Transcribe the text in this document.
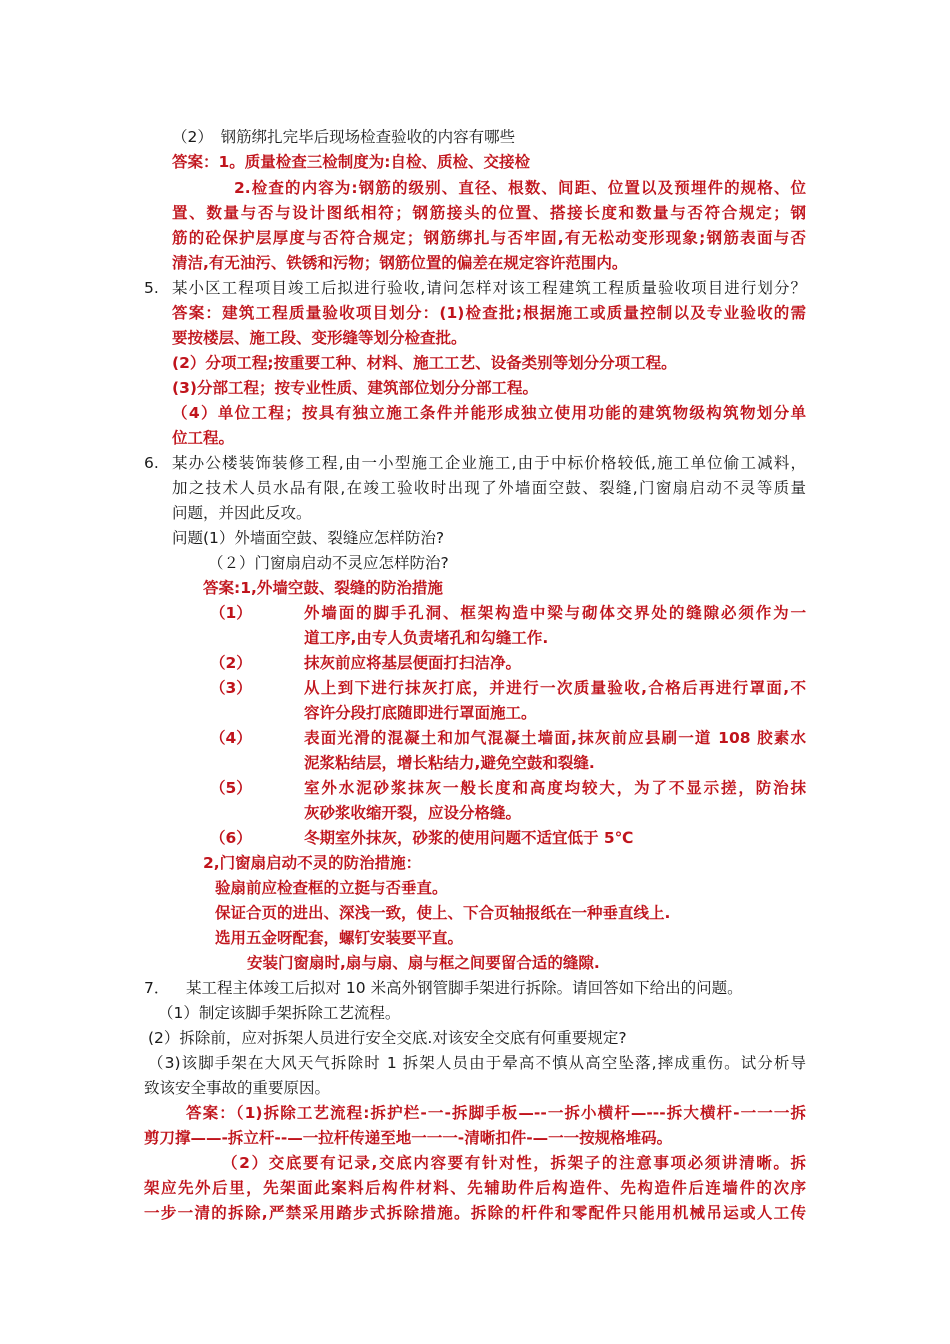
（2）　钢筋绑扎完毕后现场检查验收的内容有哪些
答案：1。质量检查三检制度为:自检、质检、交接检
2.检查的内容为:钢筋的级别、直径、根数、间距、位置以及预埋件的规格、位
置、数量与否与设计图纸相符；钢筋接头的位置、搭接长度和数量与否符合规定；钢
筋的砼保护层厚度与否符合规定；钢筋绑扎与否牢固,有无松动变形现象;钢筋表面与否
清洁,有无油污、铁锈和污物；钢筋位置的偏差在规定容许范围内。
5. 某小区工程项目竣工后拟进行验收,请问怎样对该工程建筑工程质量验收项目进行划分？
答案：建筑工程质量验收项目划分：(1)检查批;根据施工或质量控制以及专业验收的需
要按楼层、施工段、变形缝等划分检查批。
(2）分项工程;按重要工种、材料、施工工艺、设备类别等划分分项工程。
(3)分部工程；按专业性质、建筑部位划分分部工程。
（4）单位工程；按具有独立施工条件并能形成独立使用功能的建筑物级构筑物划分单
位工程。
6. 某办公楼装饰装修工程,由一小型施工企业施工,由于中标价格较低,施工单位偷工减料，
加之技术人员水品有限,在竣工验收时出现了外墙面空鼓、裂缝,门窗扇启动不灵等质量
问题，并因此反攻。
问题(1）外墙面空鼓、裂缝应怎样防治?
（２）门窗扇启动不灵应怎样防治?
答案:1,外墙空鼓、裂缝的防治措施
（1）	外墙面的脚手孔洞、框架构造中梁与砌体交界处的缝隙必须作为一
道工序,由专人负责堵孔和勾缝工作.
（2）	抹灰前应将基层便面打扫洁净。
（3）	从上到下进行抹灰打底，并进行一次质量验收,合格后再进行罩面,不
容许分段打底随即进行罩面施工。
（4）	表面光滑的混凝土和加气混凝土墙面,抹灰前应县刷一道 108 胶素水
泥浆粘结层，增长粘结力,避免空鼓和裂缝.
（5）	室外水泥砂浆抹灰一般长度和高度均较大，为了不显示搓，防治抹
灰砂浆收缩开裂，应设分格缝。
（6）	冬期室外抹灰，砂浆的使用问题不适宜低于 5℃
2,门窗扇启动不灵的防治措施：
验扇前应检查框的立挺与否垂直。
保证合页的进出、深浅一致，使上、下合页轴报纸在一种垂直线上.
选用五金呀配套，螺钉安装要平直。
安装门窗扇时,扇与扇、扇与框之间要留合适的缝隙.
7． 某工程主体竣工后拟对 10 米高外钢管脚手架进行拆除。请回答如下给出的问题。
（1）制定该脚手架拆除工艺流程。
(2）拆除前，应对拆架人员进行安全交底.对该安全交底有何重要规定?
（3)该脚手架在大风天气拆除时 1 拆架人员由于晕高不慎从高空坠落,摔成重伤。试分析导
致该安全事故的重要原因。
答案：（1)拆除工艺流程:拆护栏-一-拆脚手板—--一拆小横杆—---拆大横杆-一一一拆
剪刀撑——-拆立杆--—一拉杆传递至地一一一-清晰扣件-—一一按规格堆码。
（2）交底要有记录,交底内容要有针对性，拆架子的注意事项必须讲清晰。拆
架应先外后里，先架面此案料后构件材料、先辅助件后构造件、先构造件后连墙件的次序
一步一清的拆除,严禁采用踏步式拆除措施。拆除的杆件和零配件只能用机械吊运或人工传
